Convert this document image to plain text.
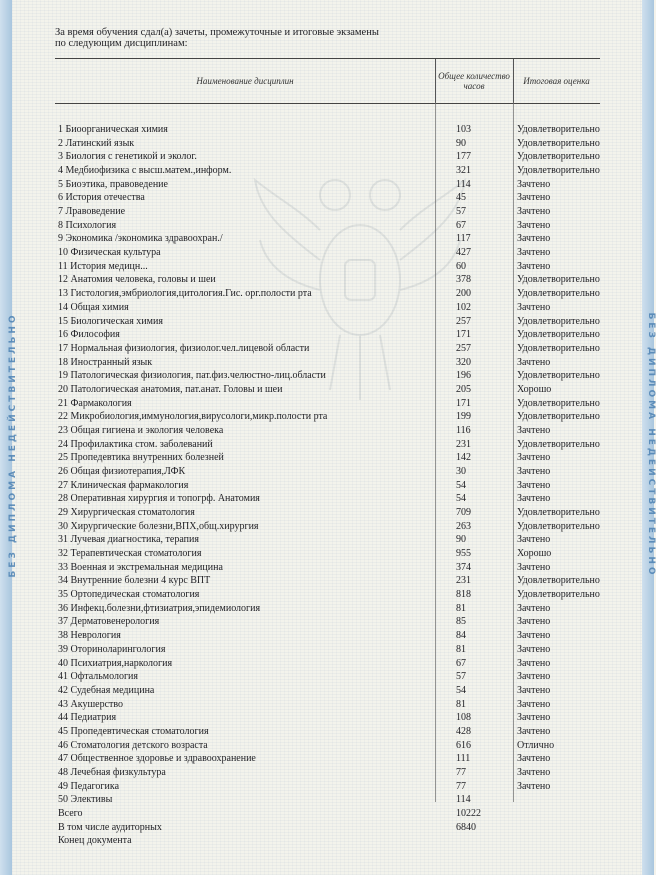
БЕЗ ДИПЛОМА НЕДЕЙСТВИТЕЛЬНО	БЕЗ ДИПЛОМА НЕДЕЙСТВИТЕЛЬНО
За время обучения сдал(а) зачеты, промежуточные и итоговые экзамены
по следующим дисциплинам:
Наименование дисциплин	Общее количество часов	Итоговая оценка
1 Биоорганическая химия	103	Удовлетворительно
2 Латинский язык	90	Удовлетворительно
3 Биология с генетикой и эколог.	177	Удовлетворительно
4 Медбиофизика с высш.матем.,информ.	321	Удовлетворительно
5 Биоэтика, правоведение	114	Зачтено
6 История отечества	45	Зачтено
7 Лравоведение	57	Зачтено
8 Психология	67	Зачтено
9 Экономика /экономика здравоохран./	117	Зачтено
10 Физическая культура	427	Зачтено
11 История медицн...	60	Зачтено
12 Анатомия человека, головы и шеи	378	Удовлетворительно
13 Гистология,эмбриология,цитология.Гис. орг.полости рта	200	Удовлетворительно
14 Общая химия	102	Зачтено
15 Биологическая химия	257	Удовлетворительно
16 Философия	171	Удовлетворительно
17 Нормальная физиология, физиолог.чел.лицевой области	257	Удовлетворительно
18 Иностранный язык	320	Зачтено
19 Патологическая физиология, пат.физ.челюстно-лиц.области	196	Удовлетворительно
20 Патологическая анатомия, пат.анат. Головы и шеи	205	Хорошо
21 Фармакология	171	Удовлетворительно
22 Микробиология,иммунология,вирусологи,микр.полости рта	199	Удовлетворительно
23 Общая гигиена и экология человека	116	Зачтено
24 Профилактика стом. заболеваний	231	Удовлетворительно
25 Пропедевтика внутренних болезней	142	Зачтено
26 Общая физиотерапия,ЛФК	30	Зачтено
27 Клиническая фармакология	54	Зачтено
28 Оперативная хирургия и топогрф. Анатомия	54	Зачтено
29 Хирургическая стоматология	709	Удовлетворительно
30 Хирургические болезни,ВПХ,общ.хирургия	263	Удовлетворительно
31 Лучевая диагностика, терапия	90	Зачтено
32 Терапевтическая стоматология	955	Хорошо
33 Военная и экстремальная медицина	374	Зачтено
34 Внутренние болезни 4 курс ВПТ	231	Удовлетворительно
35 Ортопедическая стоматология	818	Удовлетворительно
36 Инфекц.болезни,фтизиатрия,эпидемиология	81	Зачтено
37 Дерматовенерология	85	Зачтено
38 Неврология	84	Зачтено
39 Оториноларингология	81	Зачтено
40 Психиатрия,наркология	67	Зачтено
41 Офтальмология	57	Зачтено
42 Судебная медицина	54	Зачтено
43 Акушерство	81	Зачтено
44 Педиатрия	108	Зачтено
45 Пропедевтическая стоматология	428	Зачтено
46 Стоматология детского возраста	616	Отлично
47 Общественное здоровье и здравоохранение	111	Зачтено
48 Лечебная физкультура	77	Зачтено
49 Педагогика	77	Зачтено
50 Элективы	114
Всего	10222
В том числе аудиторных	6840
Конец документа
